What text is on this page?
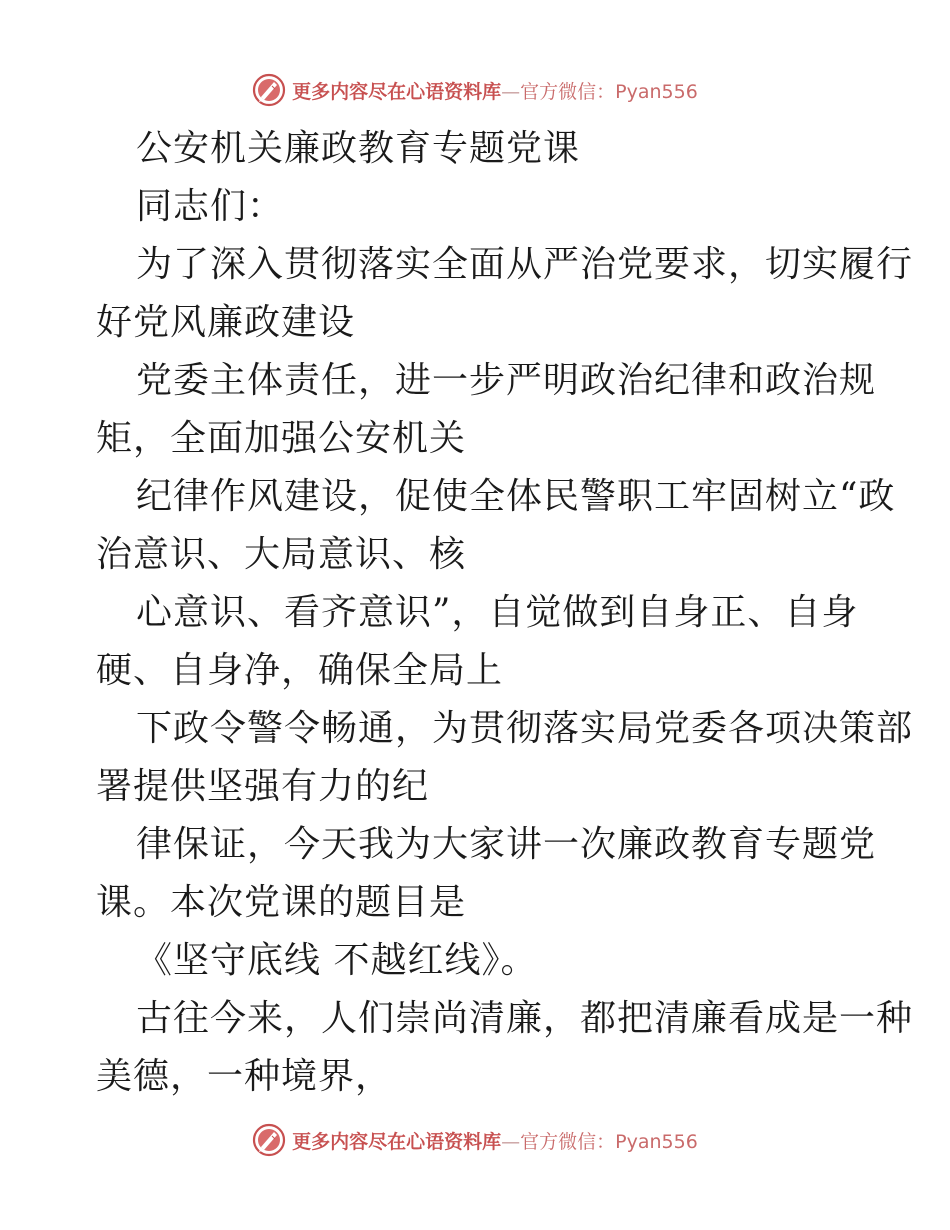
更多内容尽在心语资料库—官方微信：Pyan556
公安机关廉政教育专题党课
同志们：
为了深入贯彻落实全面从严治党要求，切实履行
好党风廉政建设
党委主体责任，进一步严明政治纪律和政治规
矩，全面加强公安机关
纪律作风建设，促使全体民警职工牢固树立“政
治意识、大局意识、核
心意识、看齐意识”，自觉做到自身正、自身
硬、自身净，确保全局上
下政令警令畅通，为贯彻落实局党委各项决策部
署提供坚强有力的纪
律保证，今天我为大家讲一次廉政教育专题党
课。本次党课的题目是
《坚守底线 不越红线》。
古往今来，人们崇尚清廉，都把清廉看成是一种
美德，一种境界，
更多内容尽在心语资料库—官方微信：Pyan556
